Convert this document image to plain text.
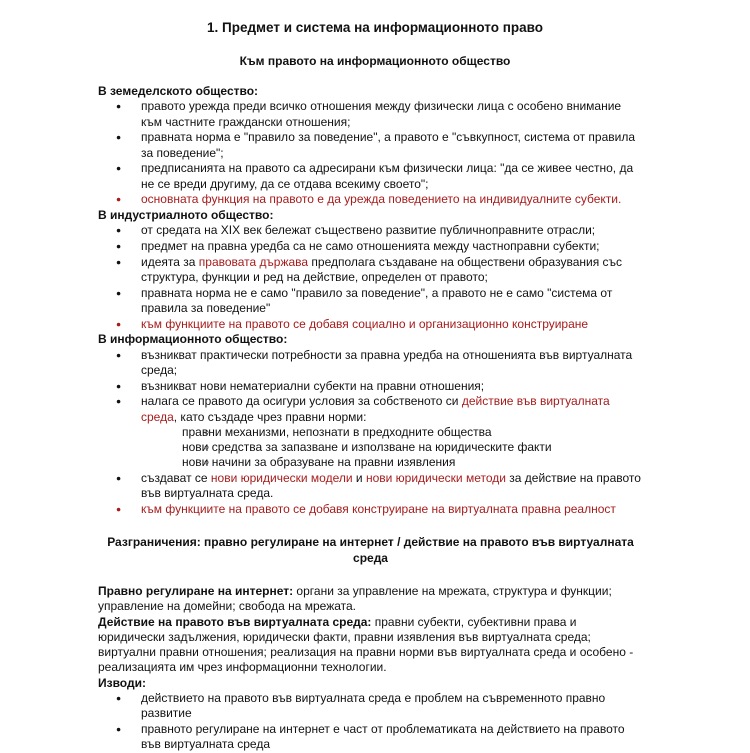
1. Предмет и система на информационното право
Към правото на информационното общество

В земеделското общество:

● правото урежда преди всичко отношения между физически лица с особено внимание към частните граждански отношения;
● правната норма е "правило за поведение", а правото е "съвкупност, система от правила за поведение";
● предписанията на правото са адресирани към физически лица: "да се живее честно, да не се вреди другиму, да се отдава всекиму своето";
● основната функция на правото е да урежда поведението на индивидуалните субекти.

В индустриалното общество:

● от средата на XIX век бележат съществено развитие публичноправните отрасли;
● предмет на правна уредба са не само отношенията между частноправни субекти;
● идеята за правовата държава предполага създаване на обществени образувания със структура, функции и ред на действие, определен от правото;
● правната норма не е само "правило за поведение", а правото не е само "система от правила за поведение"
● към функциите на правото се добавя социално и организационно конструиране

В информационното общество:

● възникват практически потребности за правна уредба на отношенията във виртуалната среда;
● възникват нови нематериални субекти на правни отношения;
● налага се правото да осигури условия за собственото си действие във виртуалната среда, като създаде чрез правни норми:
○ правни механизми, непознати в предходните общества
○ нови средства за запазване и използване на юридическите факти
○ нови начини за образуване на правни изявления
● създават се нови юридически модели и нови юридически методи за действие на правото във виртуалната среда.
● към функциите на правото се добавя конструиране на виртуалната правна реалност
Разграничения: правно регулиране на интернет / действие на правото във виртуалната среда

Правно регулиране на интернет: органи за управление на мрежата, структура и функции; управление на домейни; свобода на мрежата.

Действие на правото във виртуалната среда: правни субекти, субективни права и юридически задължения, юридически факти, правни изявления във виртуалната среда; виртуални правни отношения; реализация на правни норми във виртуалната среда и особено - реализацията им чрез информационни технологии.

Изводи:

● действието на правото във виртуалната среда е проблем на съвременното правно развитие
● правното регулиране на интернет е част от проблематиката на действието на правото във виртуалната среда
